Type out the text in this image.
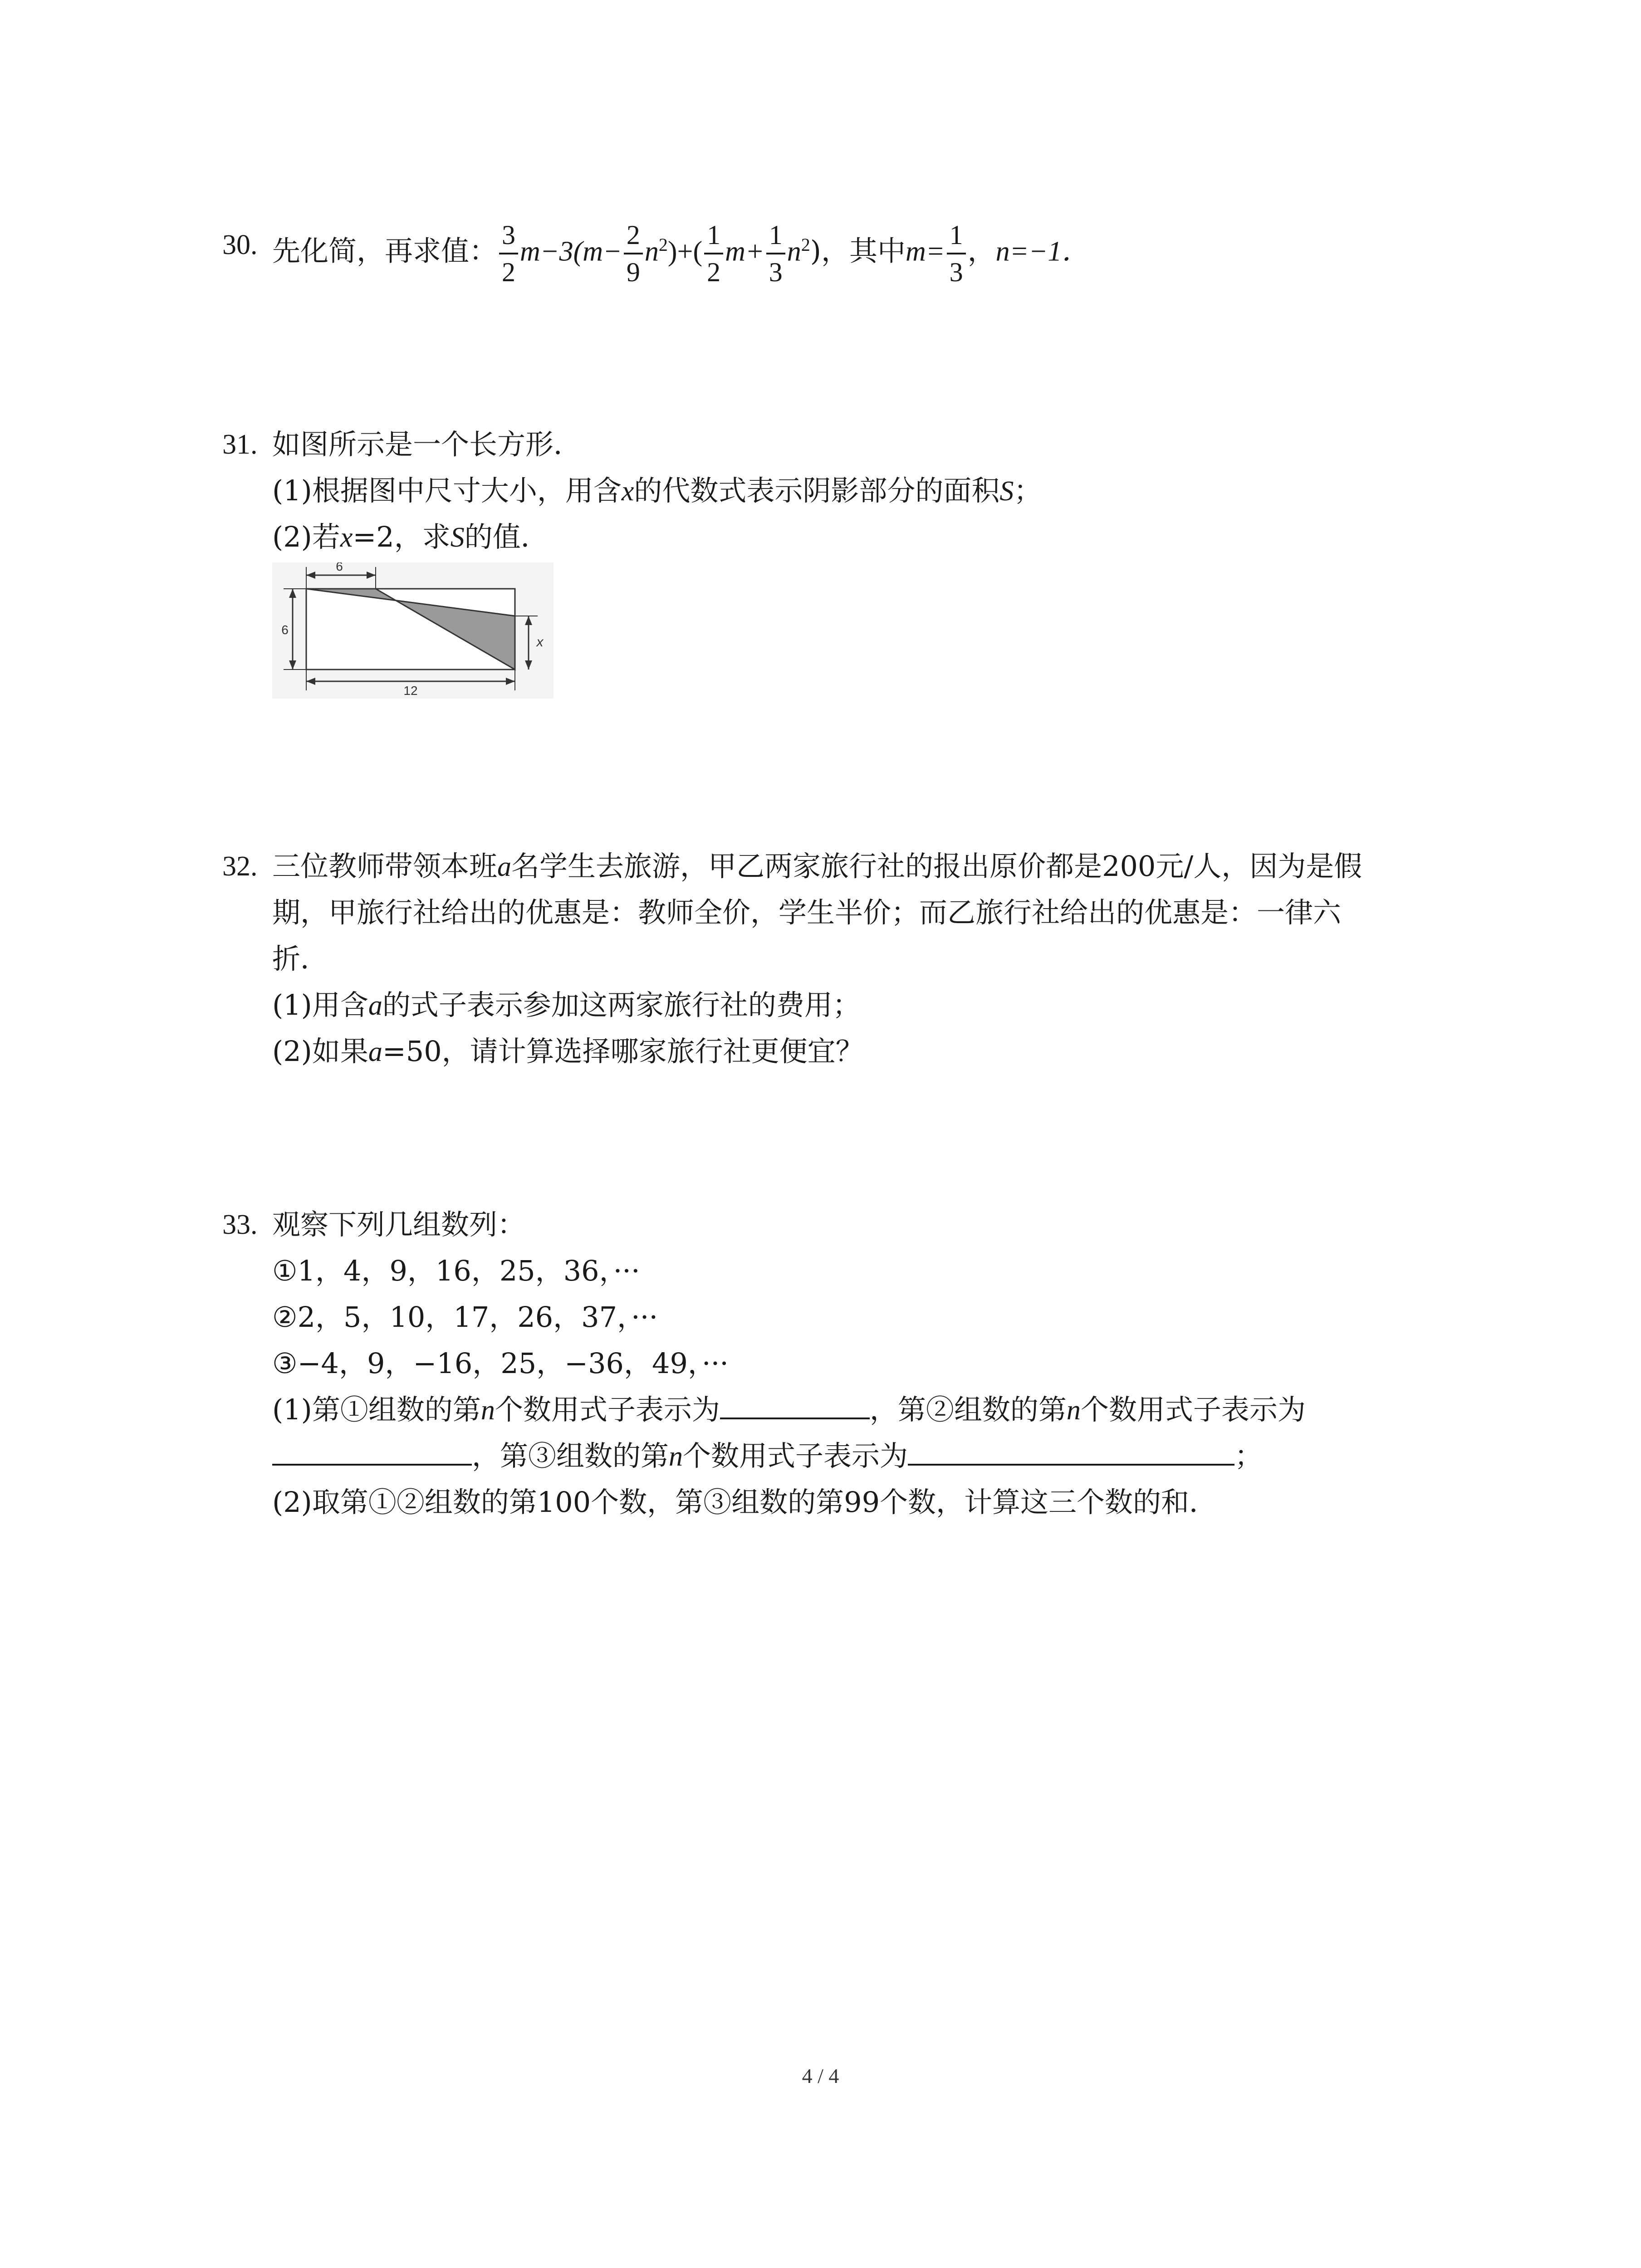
30. 先化简，再求值： $\frac{3}{2} m-3(m- \frac{2}{9} n^2)+( \frac{1}{2} m+ \frac{1}{3} n^2)$，其中$m= \frac{1}{3}$ ，n=−1．
31. 如图所示是一个长方形．
(1)根据图中尺寸大小，用含x的代数式表示阴影部分的面积S；
(2)若x=2，求S的值．
6
6
x
12
32. 三位教师带领本班a名学生去旅游，甲乙两家旅行社的报出原价都是200元/人，因为是假
期，甲旅行社给出的优惠是：教师全价，学生半价；而乙旅行社给出的优惠是：一律六
折．
(1)用含a的式子表示参加这两家旅行社的费用；
(2)如果a=50，请计算选择哪家旅行社更便宜？
33. 观察下列几组数列：
①1，4，9，16，25，36，···
②2，5，10，17，26，37，···
③−4，9，−16，25，−36，49，···
(1)第①组数的第n个数用式子表示为	，第②组数的第n个数用式子表示为
，第③组数的第n个数用式子表示为	；
(2)取第①②组数的第100个数，第③组数的第99个数，计算这三个数的和．
4 / 4
